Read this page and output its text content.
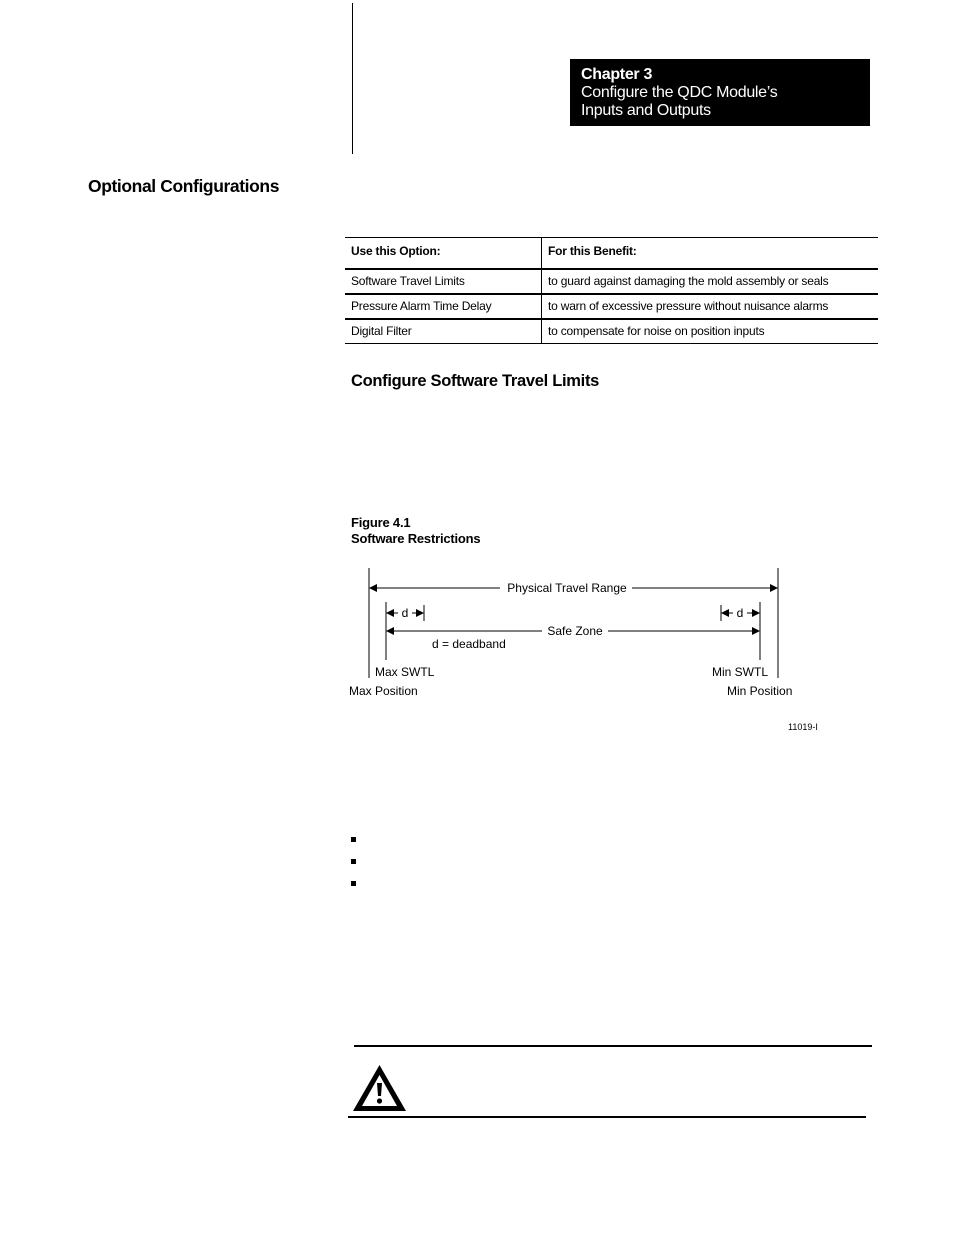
Chapter 3
Configure the QDC Module’s
Inputs and Outputs
Optional Configurations
Use this Option:	For this Benefit:
Software Travel Limits	to guard against damaging the mold assembly or seals
Pressure Alarm Time Delay	to warn of excessive pressure without nuisance alarms
Digital Filter	to compensate for noise on position inputs
Configure Software Travel Limits
Figure 4.1
Software Restrictions
Physical Travel Range
d	d
Safe Zone
d = deadband
Max SWTL	Min SWTL
Max Position	Min Position
11019-I
